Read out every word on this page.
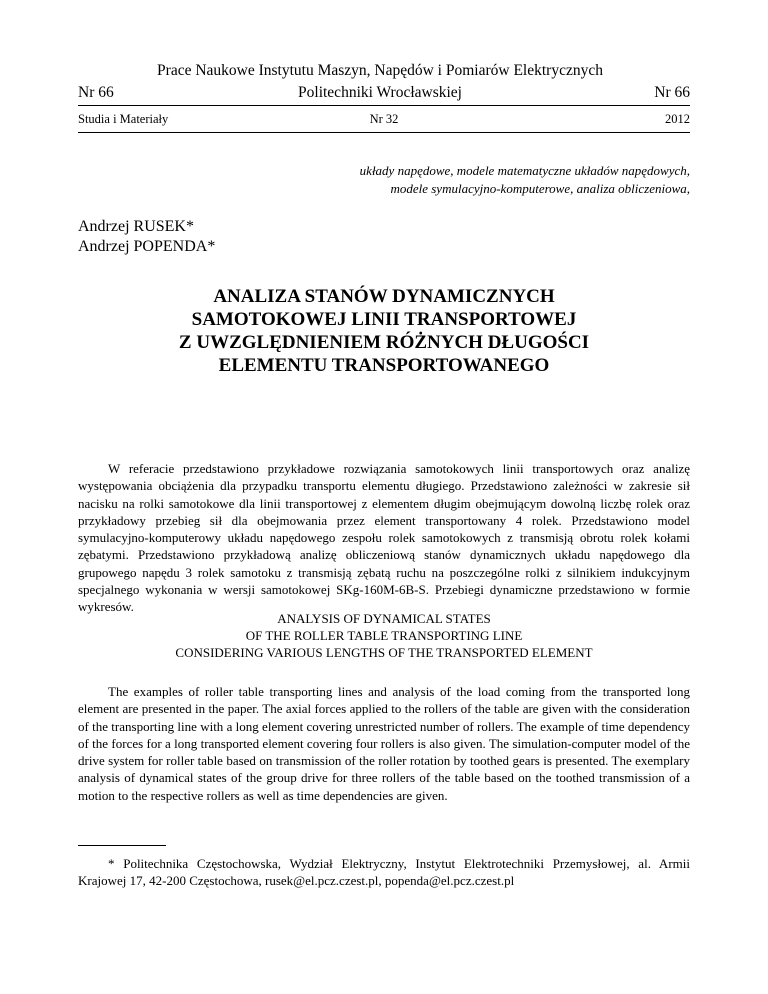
Prace Naukowe Instytutu Maszyn, Napędów i Pomiarów Elektrycznych
Nr 66	Politechniki Wrocławskiej	Nr 66
Studia i Materiały	Nr 32	2012
układy napędowe, modele matematyczne układów napędowych,
modele symulacyjno-komputerowe, analiza obliczeniowa,
Andrzej RUSEK*
Andrzej POPENDA*
ANALIZA STANÓW DYNAMICZNYCH
SAMOTOKOWEJ LINII TRANSPORTOWEJ
Z UWZGLĘDNIENIEM RÓŻNYCH DŁUGOŚCI
ELEMENTU TRANSPORTOWANEGO
W referacie przedstawiono przykładowe rozwiązania samotokowych linii transportowych oraz analizę występowania obciążenia dla przypadku transportu elementu długiego. Przedstawiono zależności w zakresie sił nacisku na rolki samotokowe dla linii transportowej z elementem długim obejmującym dowolną liczbę rolek oraz przykładowy przebieg sił dla obejmowania przez element transportowany 4 rolek. Przedstawiono model symulacyjno-komputerowy układu napędowego zespołu rolek samotokowych z transmisją obrotu rolek kołami zębatymi. Przedstawiono przykładową analizę obliczeniową stanów dynamicznych układu napędowego dla grupowego napędu 3 rolek samotoku z transmisją zębatą ruchu na poszczególne rolki z silnikiem indukcyjnym specjalnego wykonania w wersji samotokowej SKg-160M-6B-S. Przebiegi dynamiczne przedstawiono w formie wykresów.
ANALYSIS OF DYNAMICAL STATES
OF THE ROLLER TABLE TRANSPORTING LINE
CONSIDERING VARIOUS LENGTHS OF THE TRANSPORTED ELEMENT
The examples of roller table transporting lines and analysis of the load coming from the transported long element are presented in the paper. The axial forces applied to the rollers of the table are given with the consideration of the transporting line with a long element covering unrestricted number of rollers. The example of time dependency of the forces for a long transported element covering four rollers is also given. The simulation-computer model of the drive system for roller table based on transmission of the roller rotation by toothed gears is presented. The exemplary analysis of dynamical states of the group drive for three rollers of the table based on the toothed transmission of a motion to the respective rollers as well as time dependencies are given.
* Politechnika Częstochowska, Wydział Elektryczny, Instytut Elektrotechniki Przemysłowej, al. Armii Krajowej 17, 42-200 Częstochowa, rusek@el.pcz.czest.pl, popenda@el.pcz.czest.pl
